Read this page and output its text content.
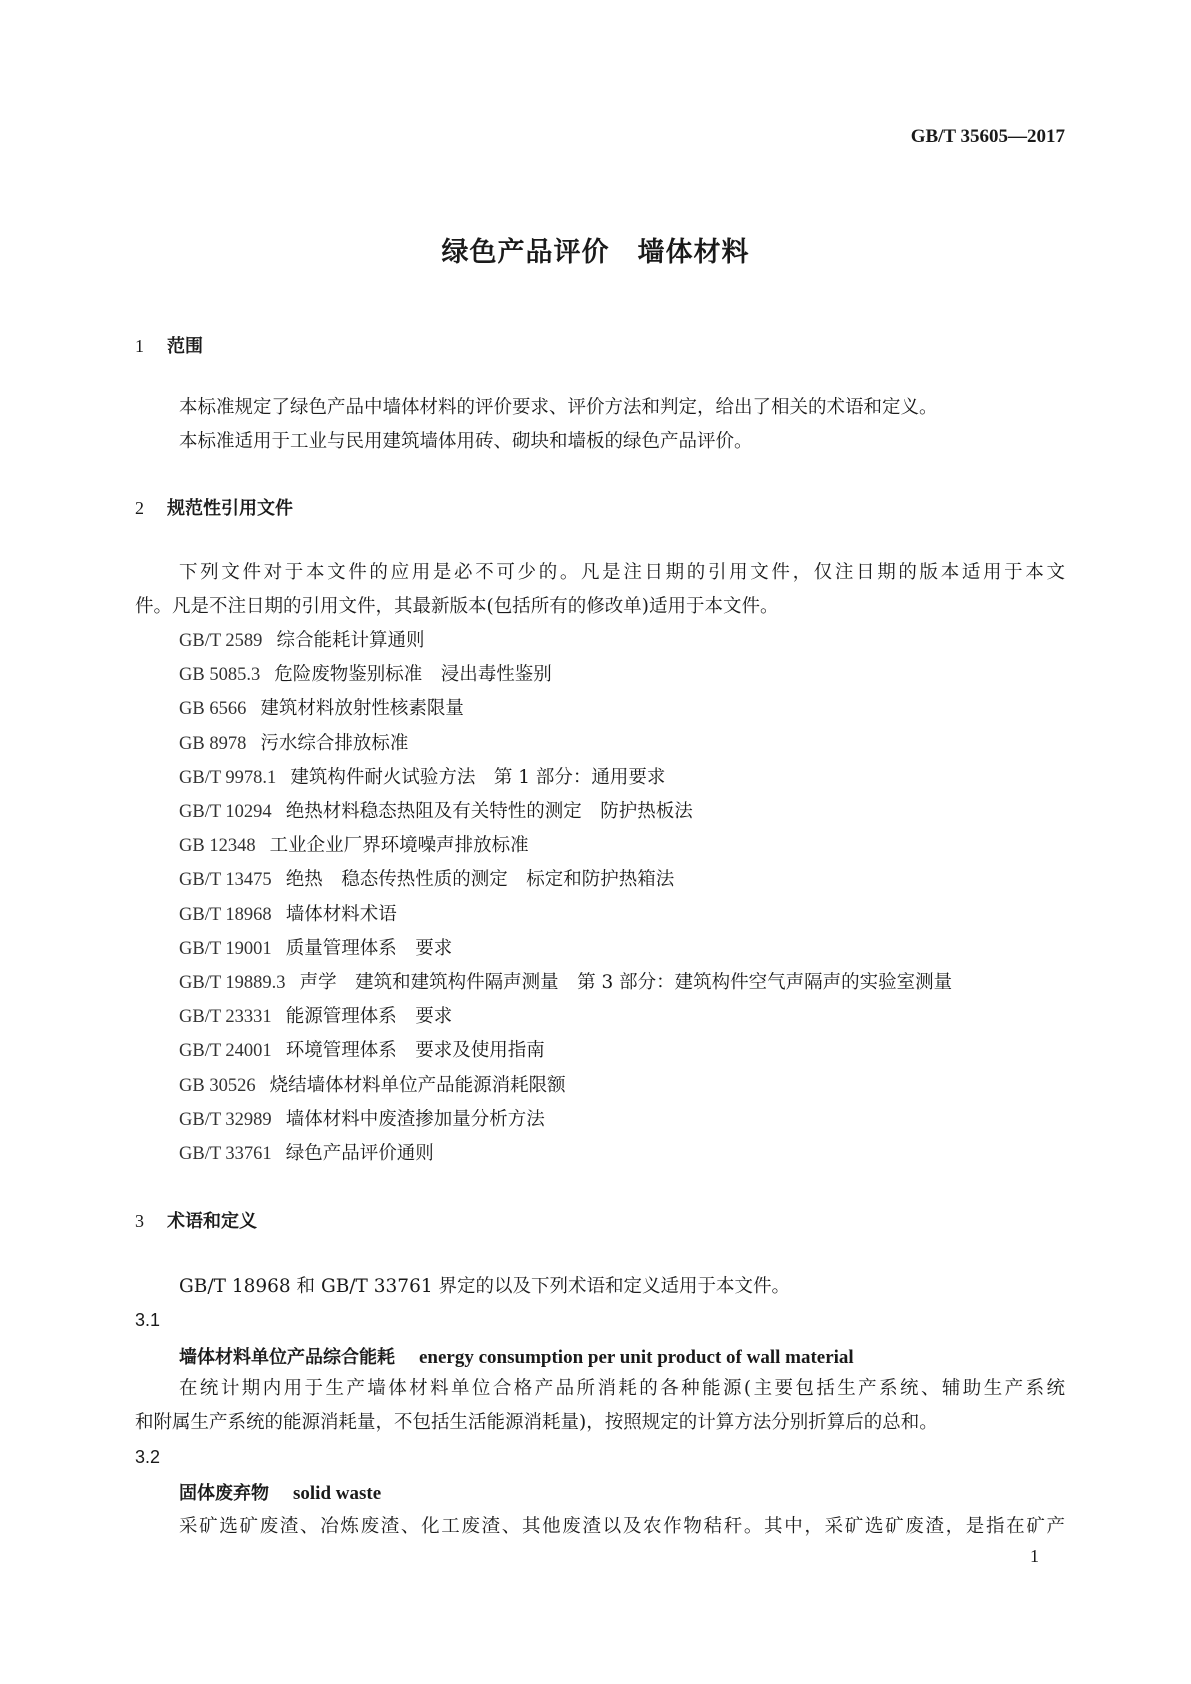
GB/T 35605—2017
绿色产品评价　墙体材料
1 范围
本标准规定了绿色产品中墙体材料的评价要求、评价方法和判定，给出了相关的术语和定义。
本标准适用于工业与民用建筑墙体用砖、砌块和墙板的绿色产品评价。
2 规范性引用文件
下列文件对于本文件的应用是必不可少的。凡是注日期的引用文件，仅注日期的版本适用于本文
件。凡是不注日期的引用文件，其最新版本(包括所有的修改单)适用于本文件。
GB/T 2589 综合能耗计算通则
GB 5085.3 危险废物鉴别标准　浸出毒性鉴别
GB 6566 建筑材料放射性核素限量
GB 8978 污水综合排放标准
GB/T 9978.1 建筑构件耐火试验方法　第 1 部分：通用要求
GB/T 10294 绝热材料稳态热阻及有关特性的测定　防护热板法
GB 12348 工业企业厂界环境噪声排放标准
GB/T 13475 绝热　稳态传热性质的测定　标定和防护热箱法
GB/T 18968 墙体材料术语
GB/T 19001 质量管理体系　要求
GB/T 19889.3 声学　建筑和建筑构件隔声测量　第 3 部分：建筑构件空气声隔声的实验室测量
GB/T 23331 能源管理体系　要求
GB/T 24001 环境管理体系　要求及使用指南
GB 30526 烧结墙体材料单位产品能源消耗限额
GB/T 32989 墙体材料中废渣掺加量分析方法
GB/T 33761 绿色产品评价通则
3 术语和定义
GB/T 18968 和 GB/T 33761 界定的以及下列术语和定义适用于本文件。
3.1
墙体材料单位产品综合能耗 energy consumption per unit product of wall material
在统计期内用于生产墙体材料单位合格产品所消耗的各种能源(主要包括生产系统、辅助生产系统
和附属生产系统的能源消耗量，不包括生活能源消耗量)，按照规定的计算方法分别折算后的总和。
3.2
固体废弃物 solid waste
采矿选矿废渣、冶炼废渣、化工废渣、其他废渣以及农作物秸秆。其中，采矿选矿废渣，是指在矿产
1
